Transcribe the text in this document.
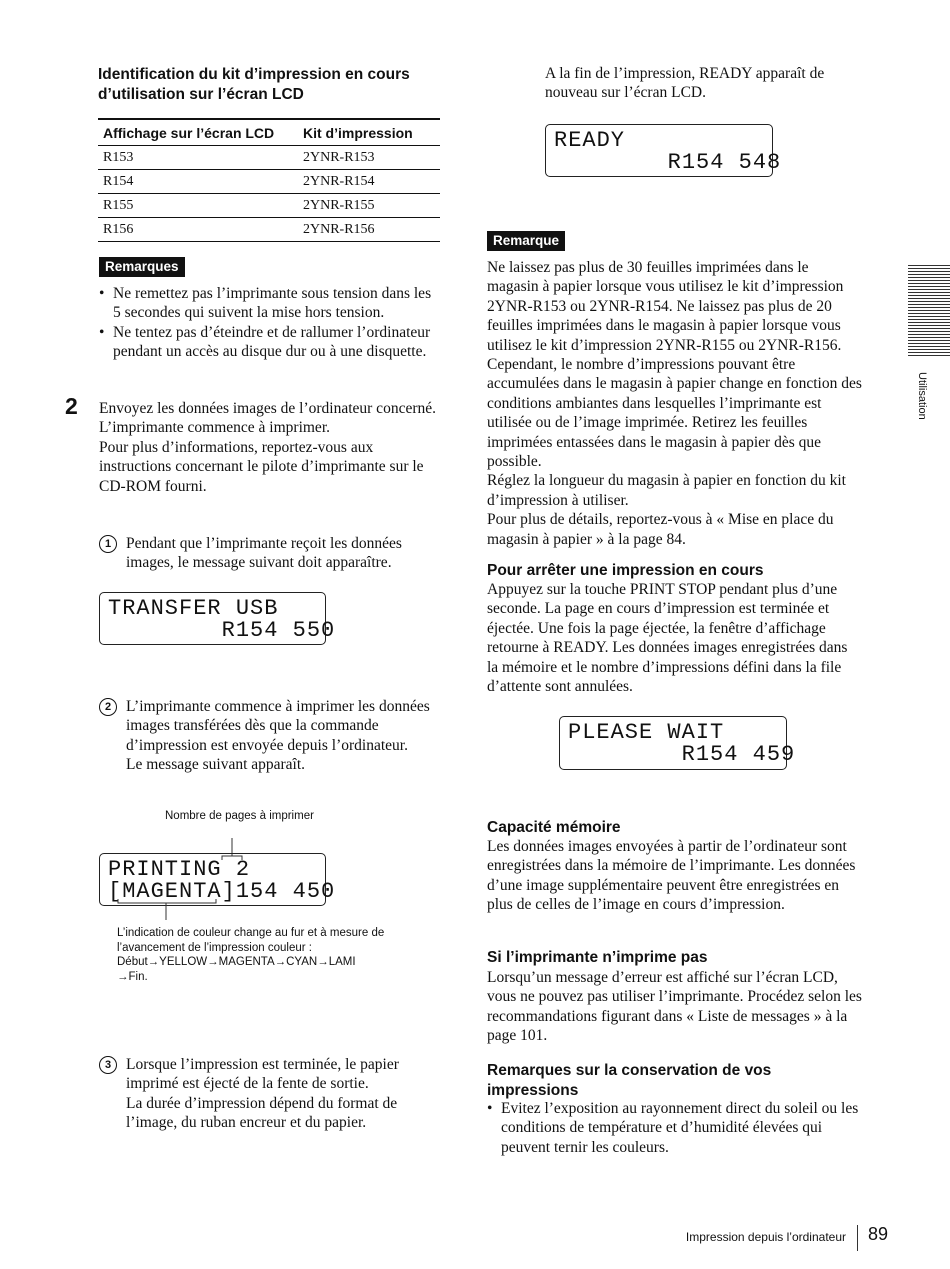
Identification du kit d’impression en cours d’utilisation sur l’écran LCD
Affichage sur l’écran LCD	Kit d’impression
R153	2YNR-R153
R154	2YNR-R154
R155	2YNR-R155
R156	2YNR-R156
Remarques
• Ne remettez pas l’imprimante sous tension dans les 5 secondes qui suivent la mise hors tension.
• Ne tentez pas d’éteindre et de rallumer l’ordinateur pendant un accès au disque dur ou à une disquette.
2 Envoyez les données images de l’ordinateur concerné.
L’imprimante commence à imprimer.
Pour plus d’informations, reportez-vous aux instructions concernant le pilote d’imprimante sur le CD-ROM fourni.
1 Pendant que l’imprimante reçoit les données images, le message suivant doit apparaître.
TRANSFER USB
R154 550
2 L’imprimante commence à imprimer les données images transférées dès que la commande d’impression est envoyée depuis l’ordinateur.
Le message suivant apparaît.
Nombre de pages à imprimer
PRINTING 2
[MAGENTA]154 450
L’indication de couleur change au fur et à mesure de l’avancement de l’impression couleur :
Début→YELLOW→MAGENTA→CYAN→LAMI
→Fin.
3 Lorsque l’impression est terminée, le papier imprimé est éjecté de la fente de sortie.
La durée d’impression dépend du format de l’image, du ruban encreur et du papier.
A la fin de l’impression, READY apparaît de nouveau sur l’écran LCD.
READY
R154 548
Remarque
Ne laissez pas plus de 30 feuilles imprimées dans le magasin à papier lorsque vous utilisez le kit d’impression 2YNR-R153 ou 2YNR-R154. Ne laissez pas plus de 20 feuilles imprimées dans le magasin à papier lorsque vous utilisez le kit d’impression 2YNR-R155 ou 2YNR-R156. Cependant, le nombre d’impressions pouvant être accumulées dans le magasin à papier change en fonction des conditions ambiantes dans lesquelles l’imprimante est utilisée ou de l’image imprimée. Retirez les feuilles imprimées entassées dans le magasin à papier dès que possible.
Réglez la longueur du magasin à papier en fonction du kit d’impression à utiliser.
Pour plus de détails, reportez-vous à « Mise en place du magasin à papier » à la page 84.
Pour arrêter une impression en cours
Appuyez sur la touche PRINT STOP pendant plus d’une seconde. La page en cours d’impression est terminée et éjectée. Une fois la page éjectée, la fenêtre d’affichage retourne à READY. Les données images enregistrées dans la mémoire et le nombre d’impressions défini dans la file d’attente sont annulées.
PLEASE WAIT
R154 459
Capacité mémoire
Les données images envoyées à partir de l’ordinateur sont enregistrées dans la mémoire de l’imprimante. Les données d’une image supplémentaire peuvent être enregistrées en plus de celles de l’image en cours d’impression.
Si l’imprimante n’imprime pas
Lorsqu’un message d’erreur est affiché sur l’écran LCD, vous ne pouvez pas utiliser l’imprimante. Procédez selon les recommandations figurant dans « Liste de messages » à la page 101.
Remarques sur la conservation de vos impressions
• Evitez l’exposition au rayonnement direct du soleil ou les conditions de température et d’humidité élevées qui peuvent ternir les couleurs.
Utilisation
Impression depuis l’ordinateur 89
